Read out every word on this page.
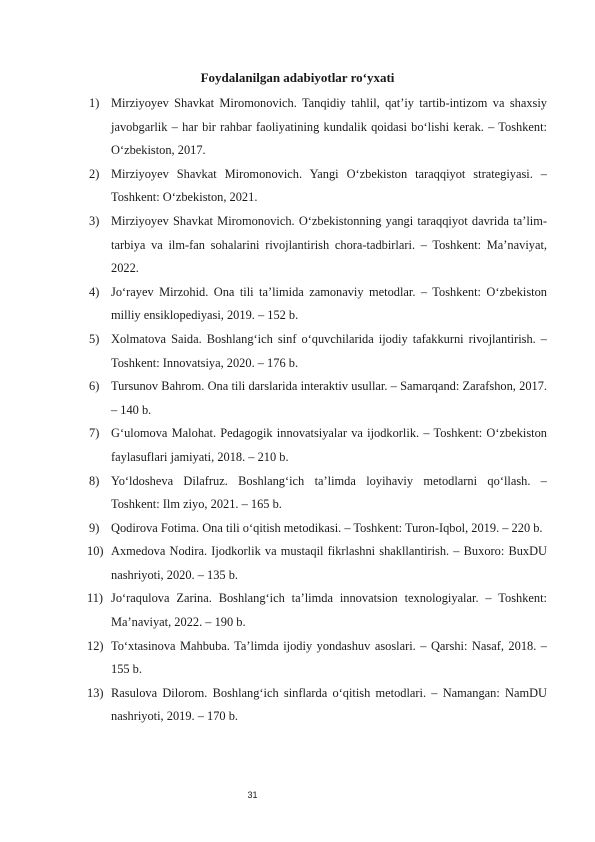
Foydalanilgan adabiyotlar ro‘yxati
1) Mirziyoyev Shavkat Miromonovich. Tanqidiy tahlil, qat’iy tartib-intizom va shaxsiy javobgarlik – har bir rahbar faoliyatining kundalik qoidasi bo‘lishi kerak. – Toshkent: O‘zbekiston, 2017.
2) Mirziyoyev Shavkat Miromonovich. Yangi O‘zbekiston taraqqiyot strategiyasi. – Toshkent: O‘zbekiston, 2021.
3) Mirziyoyev Shavkat Miromonovich. O‘zbekistonning yangi taraqqiyot davrida ta’lim-tarbiya va ilm-fan sohalarini rivojlantirish chora-tadbirlari. – Toshkent: Ma’naviyat, 2022.
4) Jo‘rayev Mirzohid. Ona tili ta’limida zamonaviy metodlar. – Toshkent: O‘zbekiston milliy ensiklopediyasi, 2019. – 152 b.
5) Xolmatova Saida. Boshlang‘ich sinf o‘quvchilarida ijodiy tafakkurni rivojlantirish. – Toshkent: Innovatsiya, 2020. – 176 b.
6) Tursunov Bahrom. Ona tili darslarida interaktiv usullar. – Samarqand: Zarafshon, 2017. – 140 b.
7) G‘ulomova Malohat. Pedagogik innovatsiyalar va ijodkorlik. – Toshkent: O‘zbekiston faylasuflari jamiyati, 2018. – 210 b.
8) Yo‘ldosheva Dilafruz. Boshlang‘ich ta’limda loyihaviy metodlarni qo‘llash. – Toshkent: Ilm ziyo, 2021. – 165 b.
9) Qodirova Fotima. Ona tili o‘qitish metodikasi. – Toshkent: Turon-Iqbol, 2019. – 220 b.
10) Axmedova Nodira. Ijodkorlik va mustaqil fikrlashni shakllantirish. – Buxoro: BuxDU nashriyoti, 2020. – 135 b.
11) Jo‘raqulova Zarina. Boshlang‘ich ta’limda innovatsion texnologiyalar. – Toshkent: Ma’naviyat, 2022. – 190 b.
12) To‘xtasinova Mahbuba. Ta’limda ijodiy yondashuv asoslari. – Qarshi: Nasaf, 2018. – 155 b.
13) Rasulova Dilorom. Boshlang‘ich sinflarda o‘qitish metodlari. – Namangan: NamDU nashriyoti, 2019. – 170 b.
31
